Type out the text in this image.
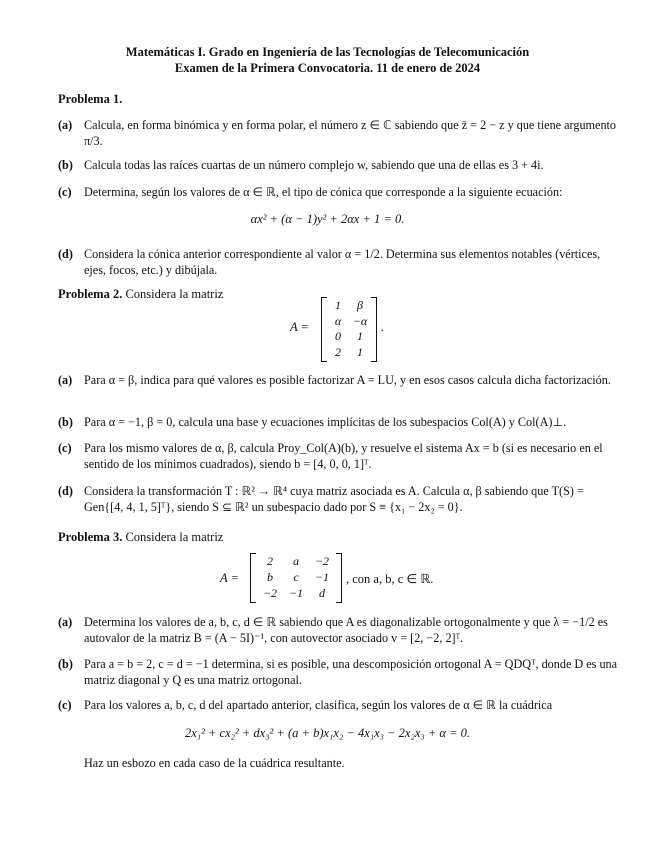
Matemáticas I. Grado en Ingeniería de las Tecnologías de Telecomunicación
Examen de la Primera Convocatoria. 11 de enero de 2024
Problema 1.
(a) Calcula, en forma binómica y en forma polar, el número z ∈ ℂ sabiendo que z̄ = 2 − z y que tiene argumento π/3.
(b) Calcula todas las raíces cuartas de un número complejo w, sabiendo que una de ellas es 3 + 4i.
(c)	Determina, según los valores de α ∈ ℝ, el tipo de cónica que corresponde a la siguiente ecuación:
αx² + (α − 1)y² + 2αx + 1 = 0.
(d) Considera la cónica anterior correspondiente al valor α = 1/2. Determina sus elementos notables (vértices, ejes, focos, etc.) y dibújala.
Problema 2. Considera la matriz
A =
1	β
α −α
0	1
2	1
.
(a) Para α = β, indica para qué valores es posible factorizar A = LU, y en esos casos calcula dicha factorización.
(b) Para α = −1, β = 0, calcula una base y ecuaciones implícitas de los subespacios Col(A) y Col(A)⊥.
(c)	Para los mismo valores de α, β, calcula Proy_Col(A)(b), y resuelve el sistema Ax = b (si es necesario en el sentido de los mínimos cuadrados), siendo b = [4, 0, 0, 1]ᵀ.
(d) Considera la transformación T : ℝ² → ℝ⁴ cuya matriz asociada es A. Calcula α, β sabiendo que T(S) = Gen{[4, 4, 1, 5]ᵀ}, siendo S ⊆ ℝ² un subespacio dado por S ≡ {x₁ − 2x₂ = 0}.
Problema 3. Considera la matriz
A =
2	a	−2
b	c	−1
−2 −1	d
, con a, b, c ∈ ℝ.
(a) Determina los valores de a, b, c, d ∈ ℝ sabiendo que A es diagonalizable ortogonalmente y que λ = −1/2 es autovalor de la matriz B = (A − 5I)⁻¹, con autovector asociado v = [2, −2, 2]ᵀ.
(b) Para a = b = 2, c = d = −1 determina, si es posible, una descomposición ortogonal A = QDQᵀ, donde D es una matriz diagonal y Q es una matriz ortogonal.
(c)	Para los valores a, b, c, d del apartado anterior, clasifica, según los valores de α ∈ ℝ la cuádrica
2x₁² + cx₂² + dx₃² + (a + b)x₁x₂ − 4x₁x₃ − 2x₂x₃ + α = 0.
Haz un esbozo en cada caso de la cuádrica resultante.
